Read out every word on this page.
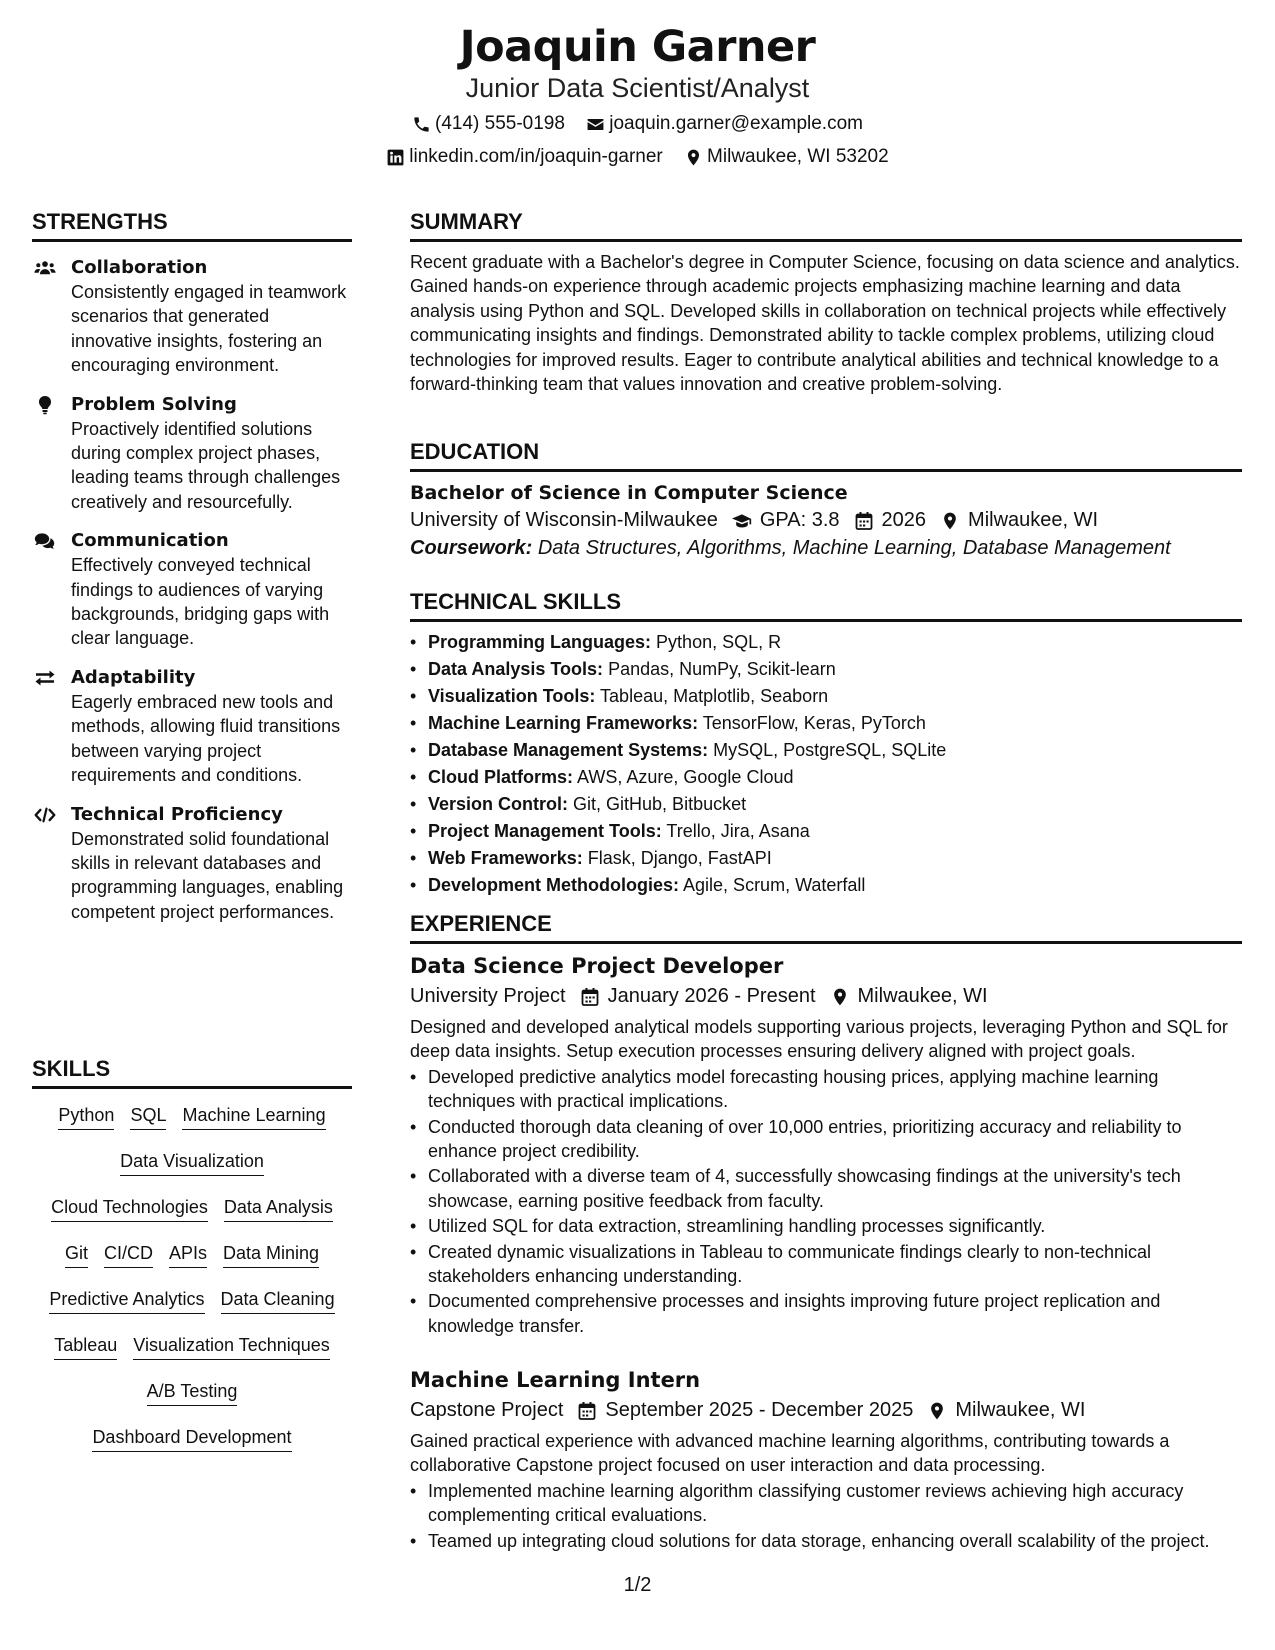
Joaquin Garner
Junior Data Scientist/Analyst
(414) 555-0198
joaquin.garner@example.com
linkedin.com/in/joaquin-garner
Milwaukee, WI 53202
STRENGTHS
Collaboration
Consistently engaged in teamwork scenarios that generated innovative insights, fostering an encouraging environment.
Problem Solving
Proactively identified solutions during complex project phases, leading teams through challenges creatively and resourcefully.
Communication
Effectively conveyed technical findings to audiences of varying backgrounds, bridging gaps with clear language.
Adaptability
Eagerly embraced new tools and methods, allowing fluid transitions between varying project requirements and conditions.
Technical Proficiency
Demonstrated solid foundational skills in relevant databases and programming languages, enabling competent project performances.
SKILLS
Python SQL Machine Learning
Data Visualization
Cloud Technologies Data Analysis
Git CI/CD APIs Data Mining
Predictive Analytics Data Cleaning
Tableau Visualization Techniques
A/B Testing
Dashboard Development
SUMMARY
Recent graduate with a Bachelor's degree in Computer Science, focusing on data science and analytics. Gained hands-on experience through academic projects emphasizing machine learning and data analysis using Python and SQL. Developed skills in collaboration on technical projects while effectively communicating insights and findings. Demonstrated ability to tackle complex problems, utilizing cloud technologies for improved results. Eager to contribute analytical abilities and technical knowledge to a forward-thinking team that values innovation and creative problem-solving.
EDUCATION
Bachelor of Science in Computer Science
University of Wisconsin-Milwaukee GPA: 3.8 2026 Milwaukee, WI
Coursework: Data Structures, Algorithms, Machine Learning, Database Management
TECHNICAL SKILLS
• Programming Languages: Python, SQL, R
• Data Analysis Tools: Pandas, NumPy, Scikit-learn
• Visualization Tools: Tableau, Matplotlib, Seaborn
• Machine Learning Frameworks: TensorFlow, Keras, PyTorch
• Database Management Systems: MySQL, PostgreSQL, SQLite
• Cloud Platforms: AWS, Azure, Google Cloud
• Version Control: Git, GitHub, Bitbucket
• Project Management Tools: Trello, Jira, Asana
• Web Frameworks: Flask, Django, FastAPI
• Development Methodologies: Agile, Scrum, Waterfall
EXPERIENCE
Data Science Project Developer
University Project January 2026 - Present Milwaukee, WI
Designed and developed analytical models supporting various projects, leveraging Python and SQL for deep data insights. Setup execution processes ensuring delivery aligned with project goals.
• Developed predictive analytics model forecasting housing prices, applying machine learning techniques with practical implications.
• Conducted thorough data cleaning of over 10,000 entries, prioritizing accuracy and reliability to enhance project credibility.
• Collaborated with a diverse team of 4, successfully showcasing findings at the university's tech showcase, earning positive feedback from faculty.
• Utilized SQL for data extraction, streamlining handling processes significantly.
• Created dynamic visualizations in Tableau to communicate findings clearly to non-technical stakeholders enhancing understanding.
• Documented comprehensive processes and insights improving future project replication and knowledge transfer.
Machine Learning Intern
Capstone Project September 2025 - December 2025 Milwaukee, WI
Gained practical experience with advanced machine learning algorithms, contributing towards a collaborative Capstone project focused on user interaction and data processing.
• Implemented machine learning algorithm classifying customer reviews achieving high accuracy complementing critical evaluations.
• Teamed up integrating cloud solutions for data storage, enhancing overall scalability of the project.
1/2
